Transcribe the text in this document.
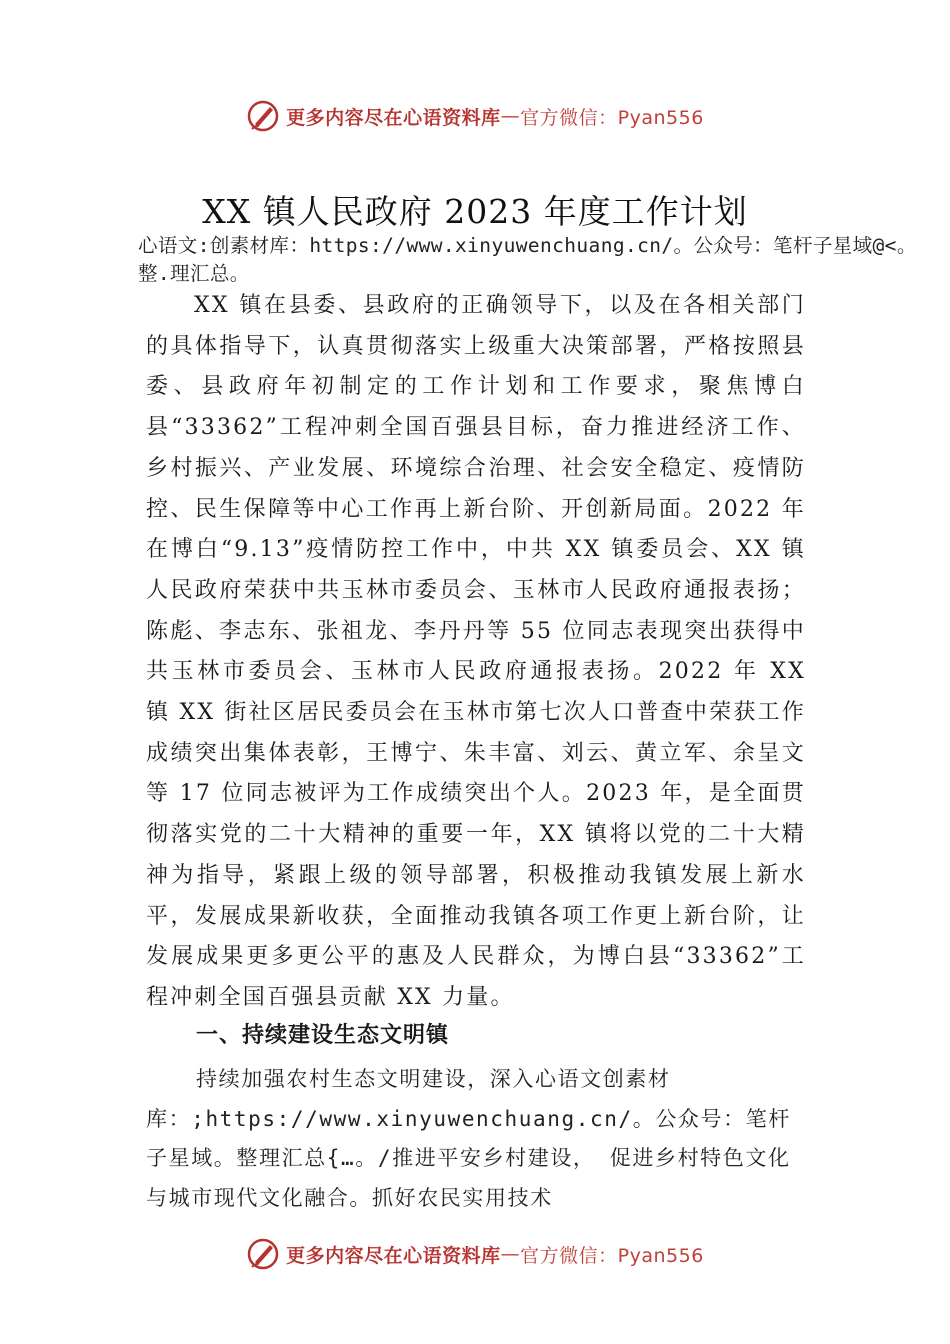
更多内容尽在心语资料库 — 官方微信：Pyan556
XX 镇人民政府 2023 年度工作计划
心语文:创素材库：https://www.xinyuwenchuang.cn/。公众号：笔杆子星域@<。整.理汇总。
XX 镇在县委、县政府的正确领导下，以及在各相关部门的具体指导下，认真贯彻落实上级重大决策部署，严格按照县委、县政府年初制定的工作计划和工作要求，聚焦博白县“33362”工程冲刺全国百强县目标，奋力推进经济工作、乡村振兴、产业发展、环境综合治理、社会安全稳定、疫情防控、民生保障等中心工作再上新台阶、开创新局面。2022 年在博白“9.13”疫情防控工作中，中共 XX 镇委员会、XX 镇人民政府荣获中共玉林市委员会、玉林市人民政府通报表扬；陈彪、李志东、张祖龙、李丹丹等 55 位同志表现突出获得中共玉林市委员会、玉林市人民政府通报表扬。2022 年 XX 镇 XX 街社区居民委员会在玉林市第七次人口普查中荣获工作成绩突出集体表彰，王博宁、朱丰富、刘云、黄立军、余呈文等 17 位同志被评为工作成绩突出个人。2023 年，是全面贯彻落实党的二十大精神的重要一年，XX 镇将以党的二十大精神为指导，紧跟上级的领导部署，积极推动我镇发展上新水平，发展成果新收获，全面推动我镇各项工作更上新台阶，让发展成果更多更公平的惠及人民群众，为博白县“33362”工程冲刺全国百强县贡献 XX 力量。
一、持续建设生态文明镇
持续加强农村生态文明建设，深入心语文创素材库：;https://www.xinyuwenchuang.cn/。公众号：笔杆子星域。整理汇总{…。/推进平安乡村建设， 促进乡村特色文化与城市现代文化融合。抓好农民实用技术
更多内容尽在心语资料库 — 官方微信：Pyan556
